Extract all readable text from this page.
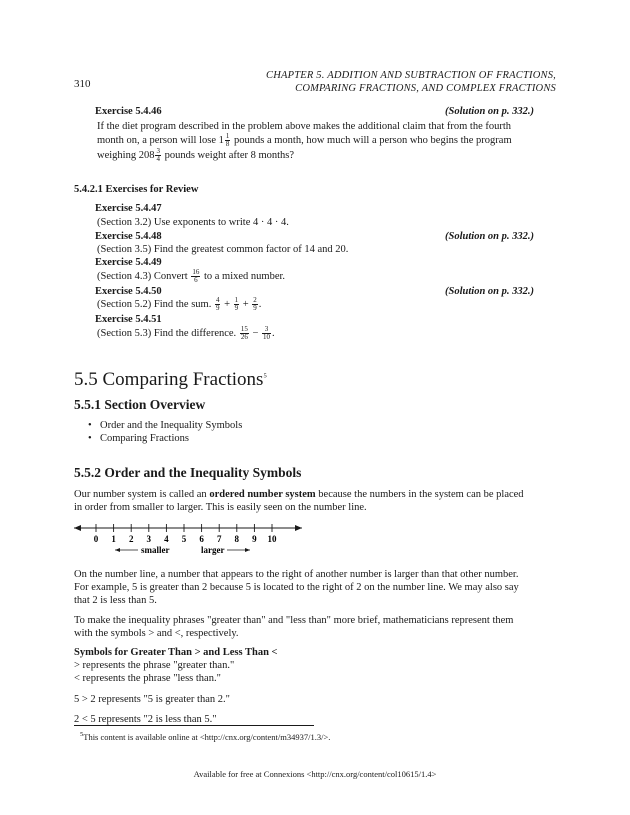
310
CHAPTER 5. ADDITION AND SUBTRACTION OF FRACTIONS,
COMPARING FRACTIONS, AND COMPLEX FRACTIONS
Exercise 5.4.46	(Solution on p. 332.)
If the diet program described in the problem above makes the additional claim that from the fourth
month on, a person will lose $1 \frac{1}{8}$ pounds a month, how much will a person who begins the program
weighing $208 \frac{3}{4}$ pounds weight after 8 months?
5.4.2.1 Exercises for Review
Exercise 5.4.47
(Section 3.2) Use exponents to write 4 · 4 · 4.
Exercise 5.4.48	(Solution on p. 332.)
(Section 3.5) Find the greatest common factor of 14 and 20.
Exercise 5.4.49
(Section 4.3) Convert $\frac{16}{6}$ to a mixed number.
Exercise 5.4.50	(Solution on p. 332.)
(Section 5.2) Find the sum. $\frac{4}{9} + \frac{1}{9} + \frac{2}{9}$ .
Exercise 5.4.51
(Section 5.3) Find the difference. $\frac{15}{26} - \frac{3}{10}$ .
5.5 Comparing Fractions$^5$
5.5.1 Section Overview
• Order and the Inequality Symbols
• Comparing Fractions
5.5.2 Order and the Inequality Symbols
Our number system is called an ordered number system because the numbers in the system can be placed
in order from smaller to larger. This is easily seen on the number line.
0 1 2 3 4 5 6 7 8 9 10
smaller	larger
On the number line, a number that appears to the right of another number is larger than that other number.
For example, 5 is greater than 2 because 5 is located to the right of 2 on the number line. We may also say
that 2 is less than 5.
To make the inequality phrases "greater than" and "less than" more brief, mathematicians represent them
with the symbols > and <, respectively.
Symbols for Greater Than > and Less Than <
> represents the phrase "greater than."
< represents the phrase "less than."
5 > 2 represents "5 is greater than 2."
2 < 5 represents "2 is less than 5."
$^5$This content is available online at <http://cnx.org/content/m34937/1.3/>.
Available for free at Connexions <http://cnx.org/content/col10615/1.4>
